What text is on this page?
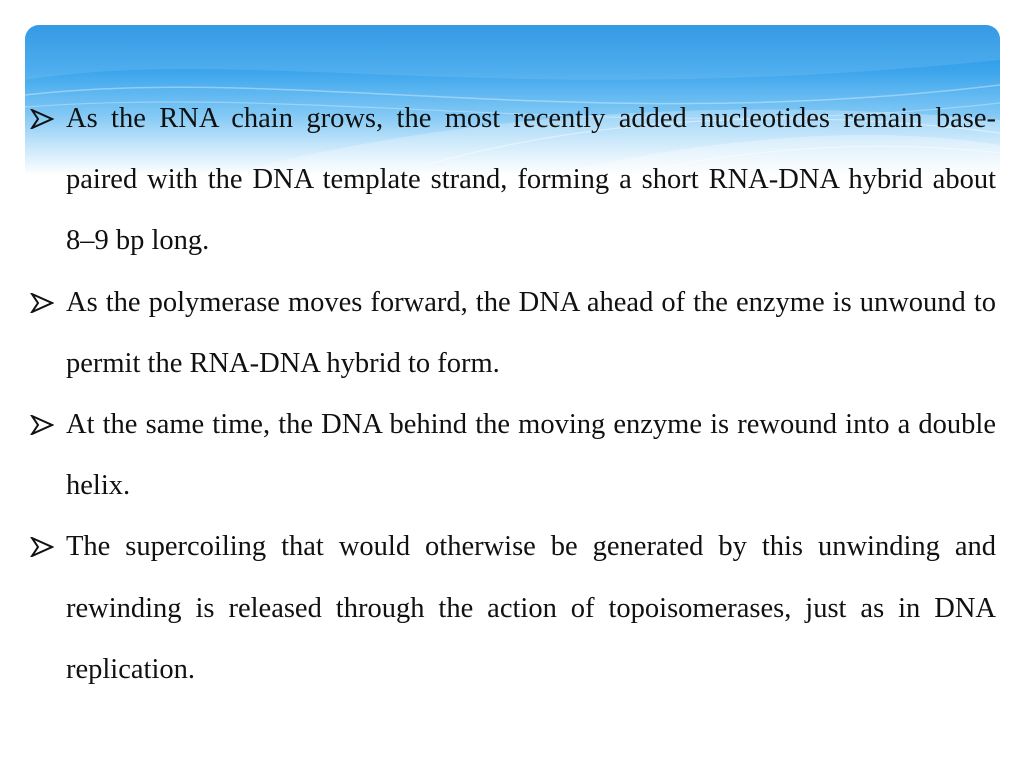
As the RNA chain grows, the most recently added nucleotides remain base-paired with the DNA template strand, forming a short RNA-DNA hybrid about 8–9 bp long.
As the polymerase moves forward, the DNA ahead of the enzyme is unwound to permit the RNA-DNA hybrid to form.
At the same time, the DNA behind the moving enzyme is rewound into a double helix.
The supercoiling that would otherwise be generated by this unwinding and rewinding is released through the action of topoisomerases, just as in DNA replication.
